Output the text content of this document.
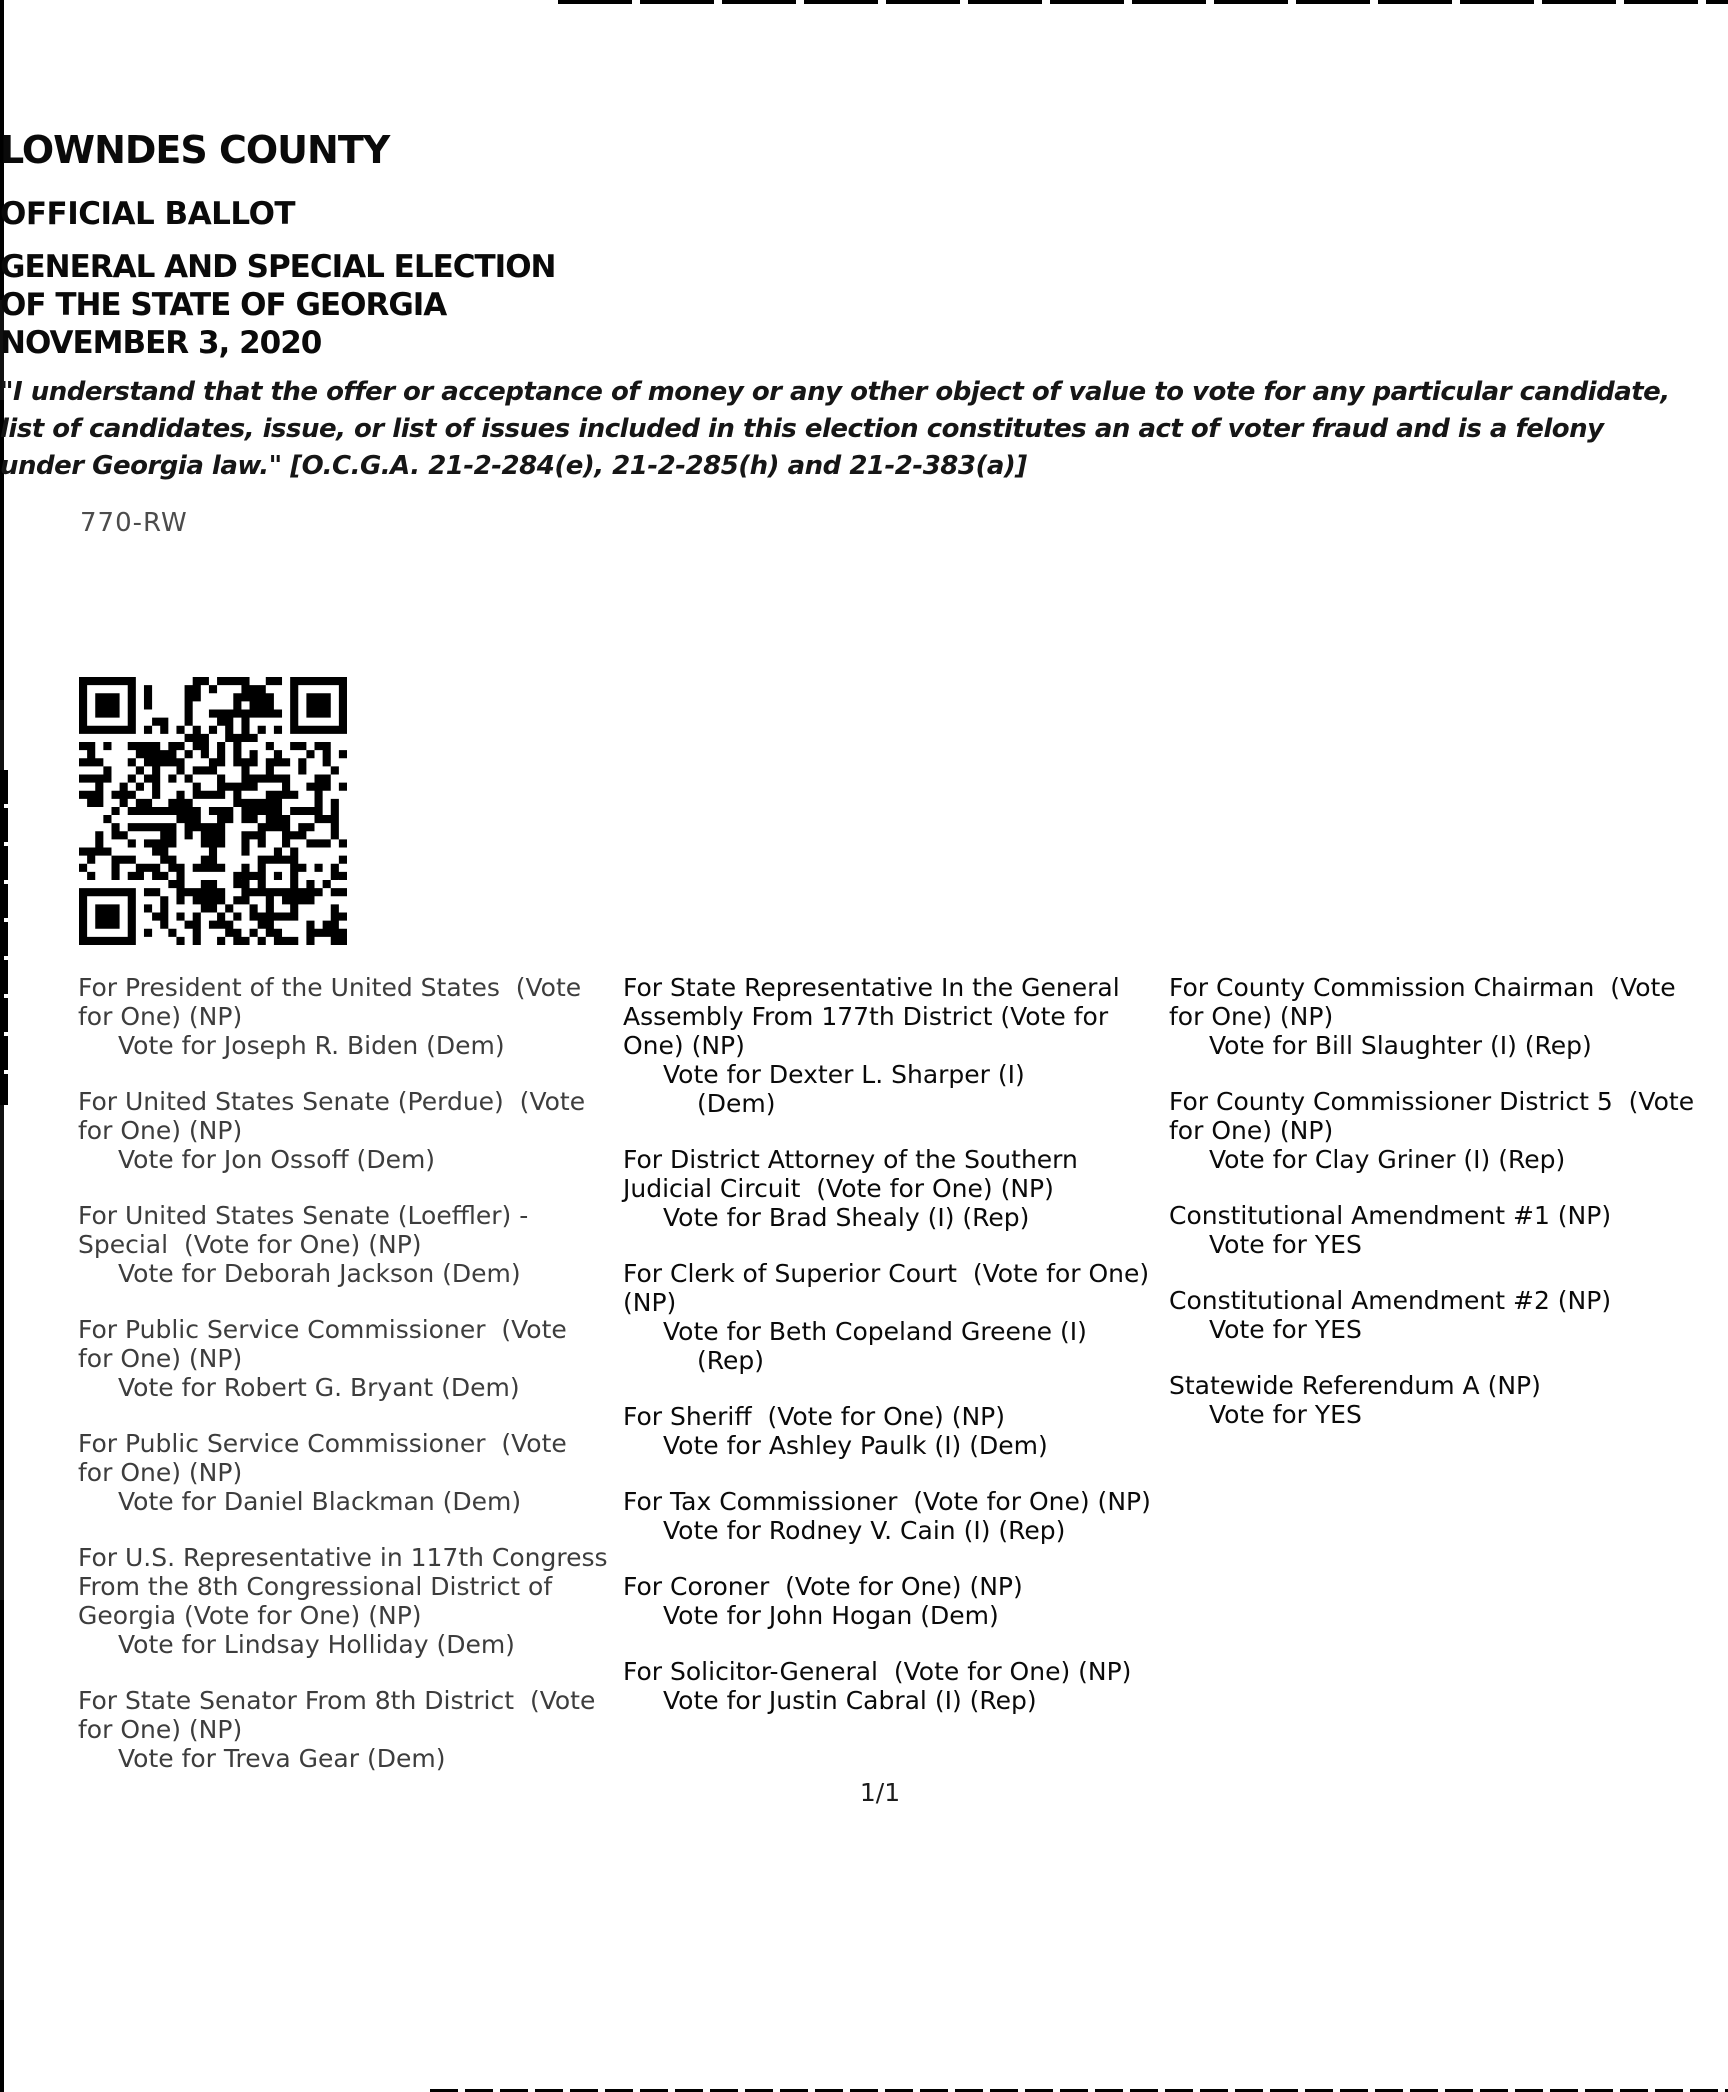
LOWNDES COUNTY
OFFICIAL BALLOT
GENERAL AND SPECIAL ELECTION
OF THE STATE OF GEORGIA
NOVEMBER 3, 2020
"I understand that the offer or acceptance of money or any other object of value to vote for any particular candidate,
list of candidates, issue, or list of issues included in this election constitutes an act of voter fraud and is a felony
under Georgia law." [O.C.G.A. 21-2-284(e), 21-2-285(h) and 21-2-383(a)]
770-RW
For President of the United States  (Vote
for One) (NP)
Vote for Joseph R. Biden (Dem)
For United States Senate (Perdue)  (Vote
for One) (NP)
Vote for Jon Ossoff (Dem)
For United States Senate (Loeffler) -
Special  (Vote for One) (NP)
Vote for Deborah Jackson (Dem)
For Public Service Commissioner  (Vote
for One) (NP)
Vote for Robert G. Bryant (Dem)
For Public Service Commissioner  (Vote
for One) (NP)
Vote for Daniel Blackman (Dem)
For U.S. Representative in 117th Congress
From the 8th Congressional District of
Georgia (Vote for One) (NP)
Vote for Lindsay Holliday (Dem)
For State Senator From 8th District  (Vote
for One) (NP)
Vote for Treva Gear (Dem)
For State Representative In the General
Assembly From 177th District (Vote for
One) (NP)
Vote for Dexter L. Sharper (I)
(Dem)
For District Attorney of the Southern
Judicial Circuit  (Vote for One) (NP)
Vote for Brad Shealy (I) (Rep)
For Clerk of Superior Court  (Vote for One)
(NP)
Vote for Beth Copeland Greene (I)
(Rep)
For Sheriff  (Vote for One) (NP)
Vote for Ashley Paulk (I) (Dem)
For Tax Commissioner  (Vote for One) (NP)
Vote for Rodney V. Cain (I) (Rep)
For Coroner  (Vote for One) (NP)
Vote for John Hogan (Dem)
For Solicitor-General  (Vote for One) (NP)
Vote for Justin Cabral (I) (Rep)
For County Commission Chairman  (Vote
for One) (NP)
Vote for Bill Slaughter (I) (Rep)
For County Commissioner District 5  (Vote
for One) (NP)
Vote for Clay Griner (I) (Rep)
Constitutional Amendment #1 (NP)
Vote for YES
Constitutional Amendment #2 (NP)
Vote for YES
Statewide Referendum A (NP)
Vote for YES
1/1
